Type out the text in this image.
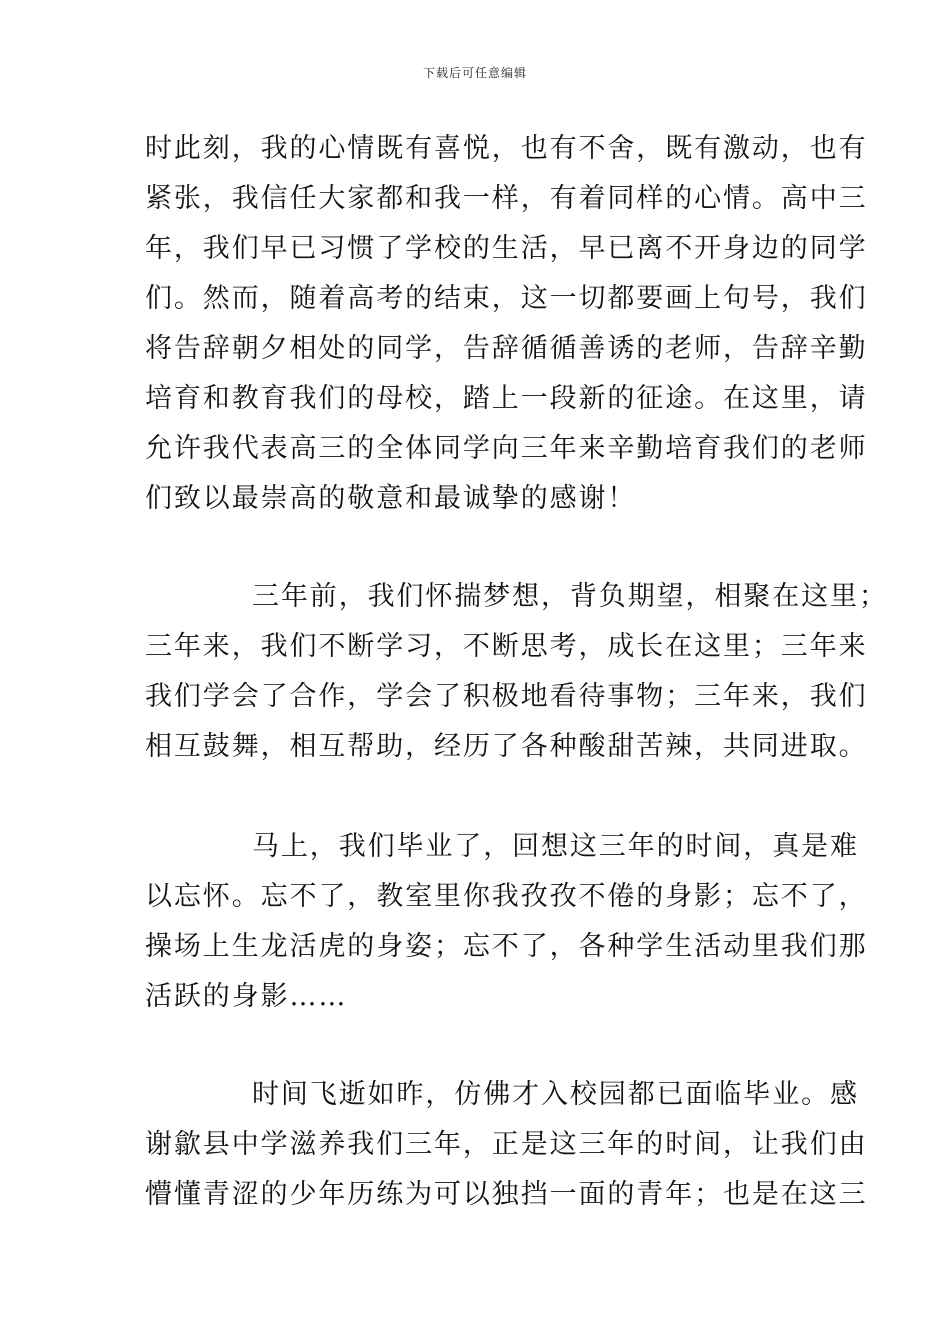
下载后可任意编辑
时此刻，我的心情既有喜悦，也有不舍，既有激动，也有
紧张，我信任大家都和我一样，有着同样的心情。高中三
年，我们早已习惯了学校的生活，早已离不开身边的同学
们。然而，随着高考的结束，这一切都要画上句号，我们
将告辞朝夕相处的同学，告辞循循善诱的老师，告辞辛勤
培育和教育我们的母校，踏上一段新的征途。在这里，请
允许我代表高三的全体同学向三年来辛勤培育我们的老师
们致以最崇高的敬意和最诚挚的感谢！
三年前，我们怀揣梦想，背负期望，相聚在这里；
三年来，我们不断学习，不断思考，成长在这里；三年来
我们学会了合作，学会了积极地看待事物；三年来，我们
相互鼓舞，相互帮助，经历了各种酸甜苦辣，共同进取。
马上，我们毕业了，回想这三年的时间，真是难
以忘怀。忘不了，教室里你我孜孜不倦的身影；忘不了，
操场上生龙活虎的身姿；忘不了，各种学生活动里我们那
活跃的身影……
时间飞逝如昨，仿佛才入校园都已面临毕业。感
谢歙县中学滋养我们三年，正是这三年的时间，让我们由
懵懂青涩的少年历练为可以独挡一面的青年；也是在这三
